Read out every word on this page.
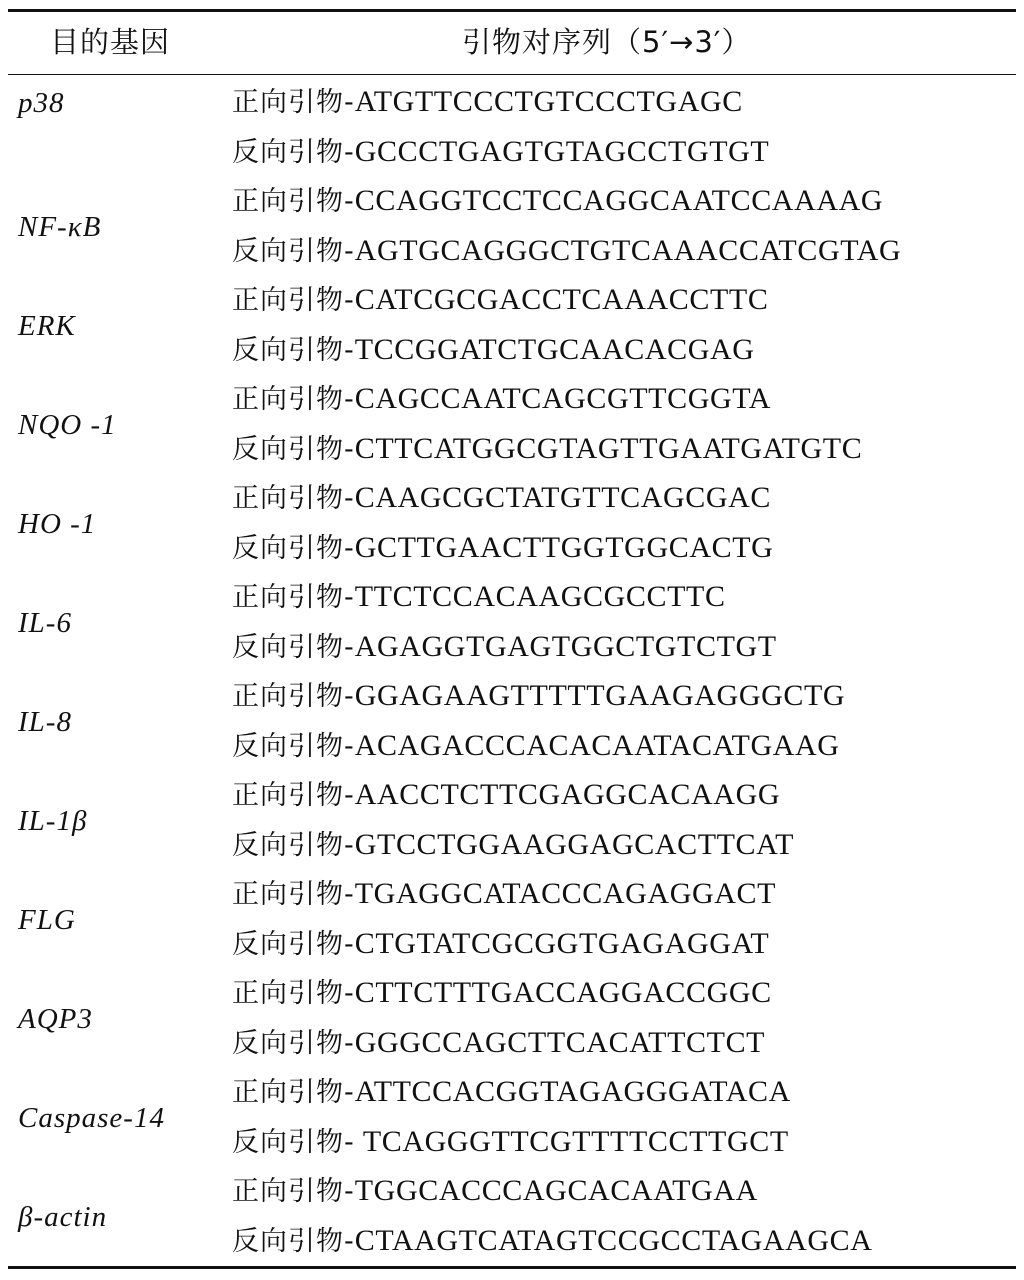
目的基因	引物对序列（5′→3′）
p38	正向引物-ATGTTCCCTGTCCCTGAGC
反向引物-GCCCTGAGTGTAGCCTGTGT
NF-κB
正向引物-CCAGGTCCTCCAGGCAATCCAAAAG
反向引物-AGTGCAGGGCTGTCAAACCATCGTAG
ERK
正向引物-CATCGCGACCTCAAACCTTC
反向引物-TCCGGATCTGCAACACGAG
NQO -1
正向引物-CAGCCAATCAGCGTTCGGTA
反向引物-CTTCATGGCGTAGTTGAATGATGTC
HO -1
正向引物-CAAGCGCTATGTTCAGCGAC
反向引物-GCTTGAACTTGGTGGCACTG
IL-6
正向引物-TTCTCCACAAGCGCCTTC
反向引物-AGAGGTGAGTGGCTGTCTGT
IL-8
正向引物-GGAGAAGTTTTTGAAGAGGGCTG
反向引物-ACAGACCCACACAATACATGAAG
IL-1β
正向引物-AACCTCTTCGAGGCACAAGG
反向引物-GTCCTGGAAGGAGCACTTCAT
FLG
正向引物-TGAGGCATACCCAGAGGACT
反向引物-CTGTATCGCGGTGAGAGGAT
AQP3
正向引物-CTTCTTTGACCAGGACCGGC
反向引物-GGGCCAGCTTCACATTCTCT
Caspase-14
正向引物-ATTCCACGGTAGAGGGATACA
反向引物- TCAGGGTTCGTTTTCCTTGCT
β-actin
正向引物-TGGCACCCAGCACAATGAA
反向引物-CTAAGTCATAGTCCGCCTAGAAGCA
